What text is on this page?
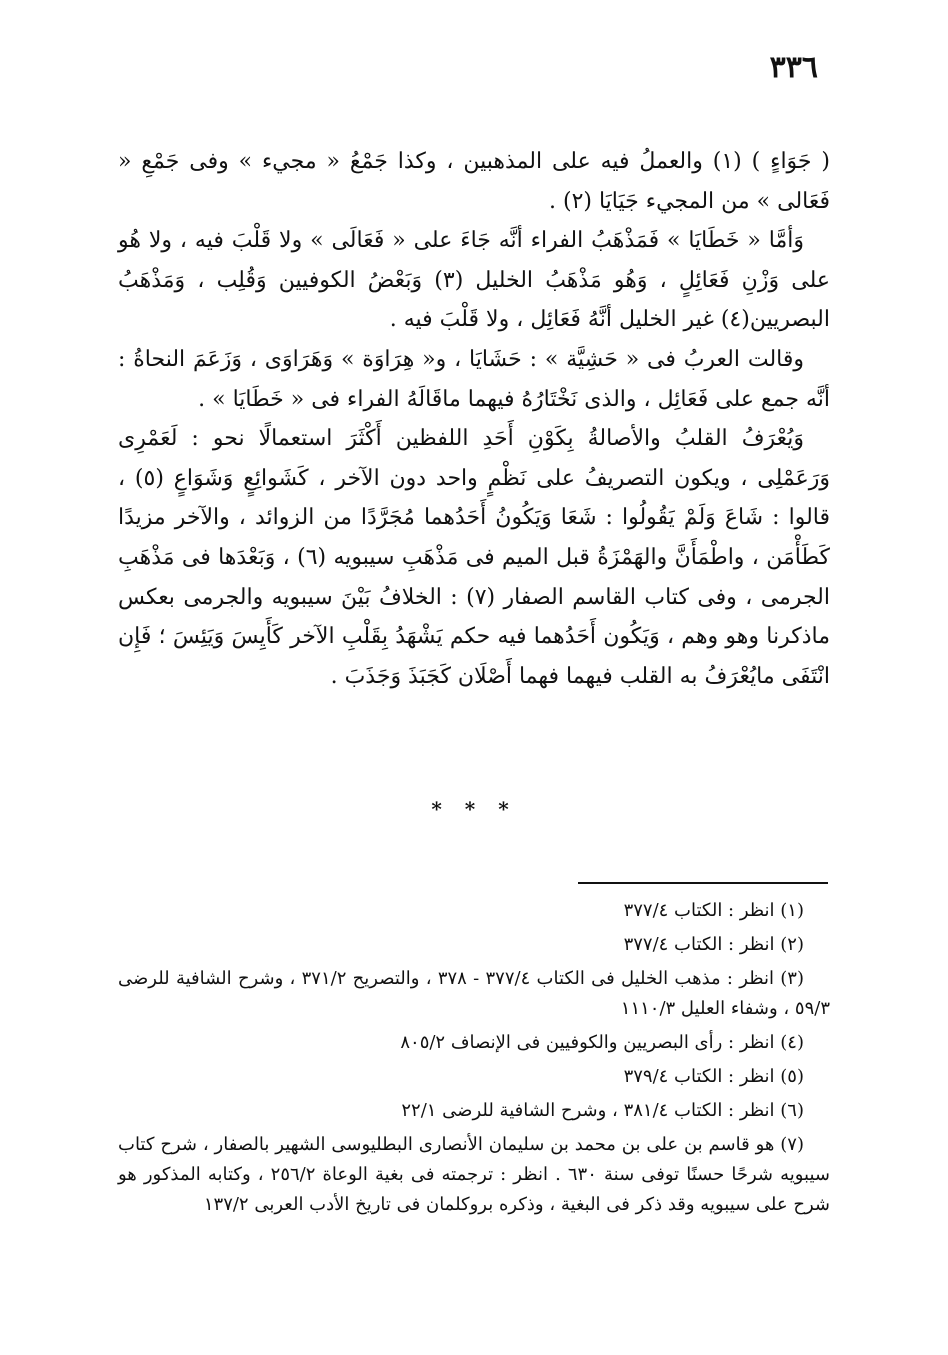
٣٣٦

( جَوَاءٍ ) (١) والعملُ فيه على المذهبين ، وكذا جَمْعُ « مجيء » وفى جَمْعِ « فَعَالى » من المجيء جَيَايَا (٢) .

وَأمَّا « خَطَايَا » فَمَذْهَبُ الفراء أنَّه جَاءَ على « فَعَالَى » ولا قَلْبَ فيه ، ولا هُو على وَزْنِ فَعَائِلٍ ، وَهُو مَذْهَبُ الخليل (٣) وَبَعْضُ الكوفيين وَقُلِب ، وَمَذْهَبُ البصريين(٤) غير الخليل أنَّهُ فَعَائِل ، ولا قَلْبَ فيه .

وقالت العربُ فى « حَشِيَّة » : حَشَايَا ، و« هِرَاوَة » وَهَرَاوَى ، وَزَعَمَ النحاةُ : أنَّه جمع على فَعَائِل ، والذى نَخْتَارُهُ فيهما ماقَالَهُ الفراء فى « خَطَايَا » .

وَيُعْرَفُ القلبُ والأصالةُ بِكَوْنِ أَحَدِ اللفظين أَكْثَرَ استعمالًا نحو : لَعَمْرِى وَرَعَمْلِى ، ويكون التصريفُ على نَظْمٍ واحد دون الآخر ، كَشَوائِعٍ وَشَوَاعٍ (٥) ، قالوا : شَاعَ وَلَمْ يَقُولُوا : شَعَا وَيَكُونُ أَحَدُهما مُجَرَّدًا من الزوائد ، والآخر مزيدًا كَطَأْمَن ، واطْمَأَنَّ والهَمْزَةُ قبل الميم فى مَذْهَبِ سيبويه (٦) ، وَبَعْدَها فى مَذْهَبِ الجرمى ، وفى كتاب القاسم الصفار (٧) : الخلافُ بَيْنَ سيبويه والجرمى بعكس ماذكرنا وهو وهم ، وَيَكُون أَحَدُهما فيه حكم يَشْهَدُ بِقَلْبِ الآخر كَأَيِسَ وَيَئِسَ ؛ فَإِن انْتَفَى مايُعْرَفُ به القلب فيهما فهما أَصْلَان كَجَبَذَ وَجَذَبَ .

* * *

(١) انظر : الكتاب ٣٧٧/٤

(٢) انظر : الكتاب ٣٧٧/٤

(٣) انظر : مذهب الخليل فى الكتاب ٣٧٧/٤ - ٣٧٨ ، والتصريح ٣٧١/٢ ، وشرح الشافية للرضى ٥٩/٣ ، وشفاء العليل ١١١٠/٣

(٤) انظر : رأى البصريين والكوفيين فى الإنصاف ٨٠٥/٢

(٥) انظر : الكتاب ٣٧٩/٤

(٦) انظر : الكتاب ٣٨١/٤ ، وشرح الشافية للرضى ٢٢/١

(٧) هو قاسم بن على بن محمد بن سليمان الأنصارى البطليوسى الشهير بالصفار ، شرح كتاب سيبويه شرحًا حسنًا توفى سنة ٦٣٠ . انظر : ترجمته فى بغية الوعاة ٢٥٦/٢ ، وكتابه المذكور هو شرح على سيبويه وقد ذكر فى البغية ، وذكره بروكلمان فى تاريخ الأدب العربى ١٣٧/٢
